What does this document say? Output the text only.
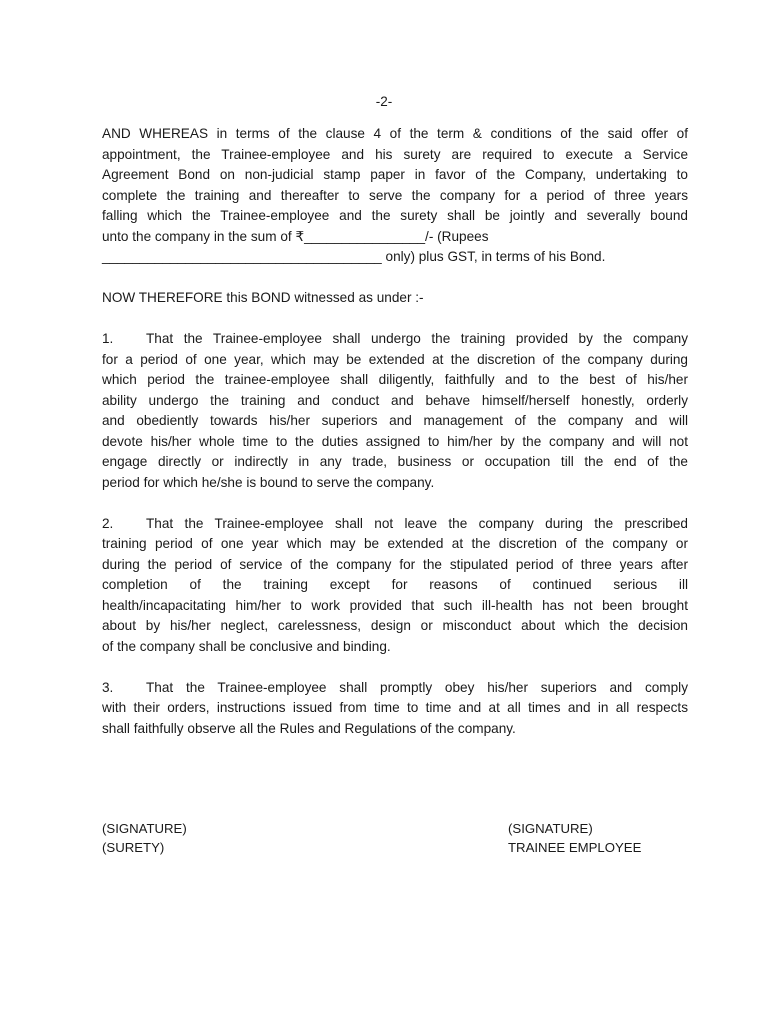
-2-
AND WHEREAS in terms of the clause 4 of the term & conditions of the said offer of
appointment, the Trainee-employee and his surety are required to execute a Service
Agreement Bond on non-judicial stamp paper in favor of the Company, undertaking to
complete the training and thereafter to serve the company for a period of three years
falling which the Trainee-employee and the surety shall be jointly and severally bound
unto the company in the sum of ₹________________/- (Rupees
_____________________________________ only) plus GST, in terms of his Bond.
NOW THEREFORE this BOND witnessed as under :-
1. That the Trainee-employee shall undergo the training provided by the company
for a period of one year, which may be extended at the discretion of the company during
which period the trainee-employee shall diligently, faithfully and to the best of his/her
ability undergo the training and conduct and behave himself/herself honestly, orderly
and obediently towards his/her superiors and management of the company and will
devote his/her whole time to the duties assigned to him/her by the company and will not
engage directly or indirectly in any trade, business or occupation till the end of the
period for which he/she is bound to serve the company.
2. That the Trainee-employee shall not leave the company during the prescribed
training period of one year which may be extended at the discretion of the company or
during the period of service of the company for the stipulated period of three years after
completion of the training except for reasons of continued serious ill
health/incapacitating him/her to work provided that such ill-health has not been brought
about by his/her neglect, carelessness, design or misconduct about which the decision
of the company shall be conclusive and binding.
3. That the Trainee-employee shall promptly obey his/her superiors and comply
with their orders, instructions issued from time to time and at all times and in all respects
shall faithfully observe all the Rules and Regulations of the company.
(SIGNATURE)
(SURETY)
(SIGNATURE)
TRAINEE EMPLOYEE
